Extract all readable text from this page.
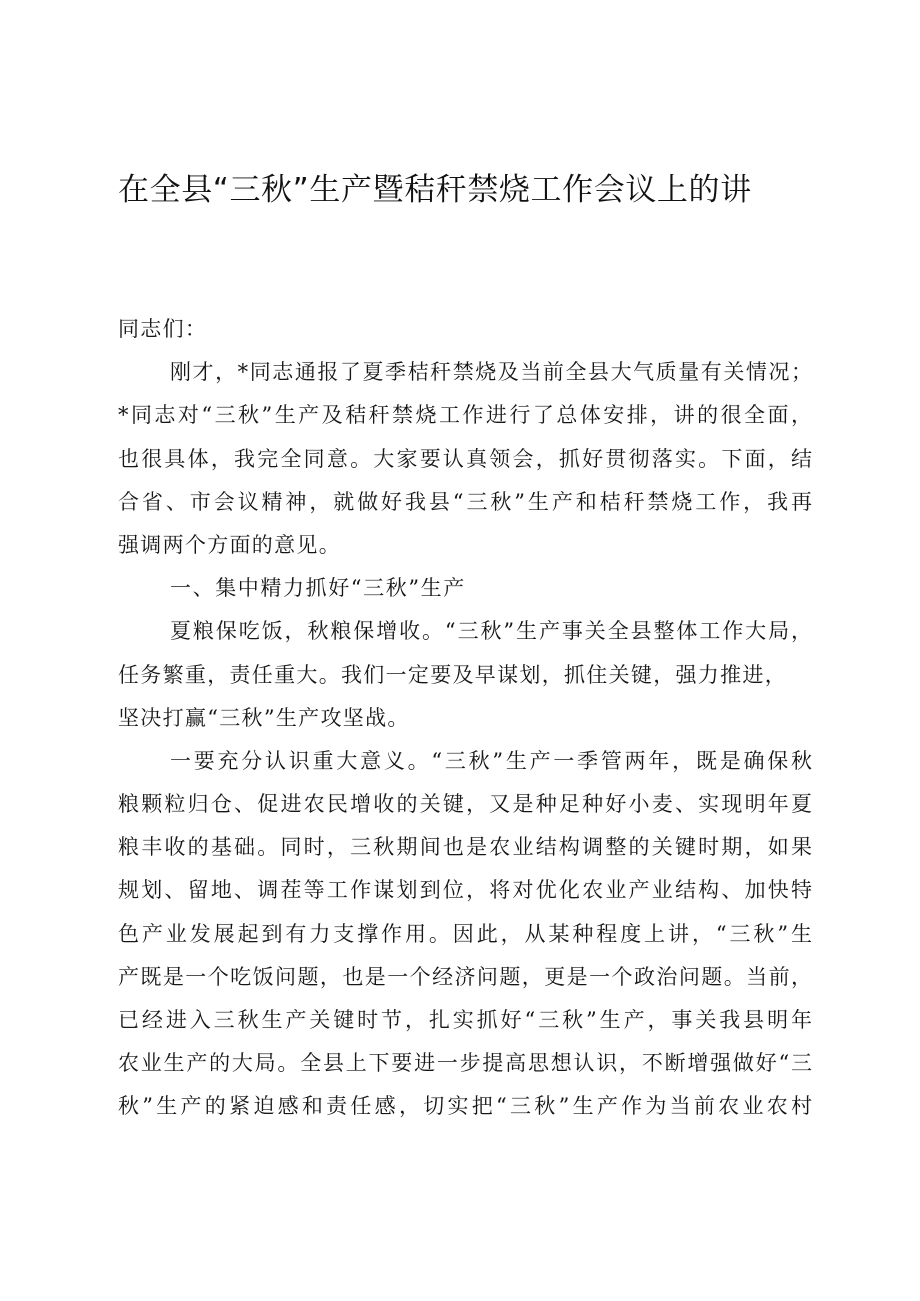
在全县“三秋”生产暨秸秆禁烧工作会议上的讲
同志们：
刚才，*同志通报了夏季桔秆禁烧及当前全县大气质量有关情况；
*同志对“三秋”生产及秸秆禁烧工作进行了总体安排，讲的很全面，
也很具体，我完全同意。大家要认真领会，抓好贯彻落实。下面，结
合省、市会议精神，就做好我县“三秋”生产和桔秆禁烧工作，我再
强调两个方面的意见。
一、集中精力抓好“三秋”生产
夏粮保吃饭，秋粮保增收。“三秋”生产事关全县整体工作大局，
任务繁重，责任重大。我们一定要及早谋划，抓住关键，强力推进，
坚决打赢“三秋”生产攻坚战。
一要充分认识重大意义。“三秋”生产一季管两年，既是确保秋
粮颗粒归仓、促进农民增收的关键，又是种足种好小麦、实现明年夏
粮丰收的基础。同时，三秋期间也是农业结构调整的关键时期，如果
规划、留地、调茬等工作谋划到位，将对优化农业产业结构、加快特
色产业发展起到有力支撑作用。因此，从某种程度上讲，“三秋”生
产既是一个吃饭问题，也是一个经济问题，更是一个政治问题。当前，
已经进入三秋生产关键时节，扎实抓好“三秋”生产，事关我县明年
农业生产的大局。全县上下要进一步提高思想认识，不断增强做好“三
秋”生产的紧迫感和责任感，切实把“三秋”生产作为当前农业农村
